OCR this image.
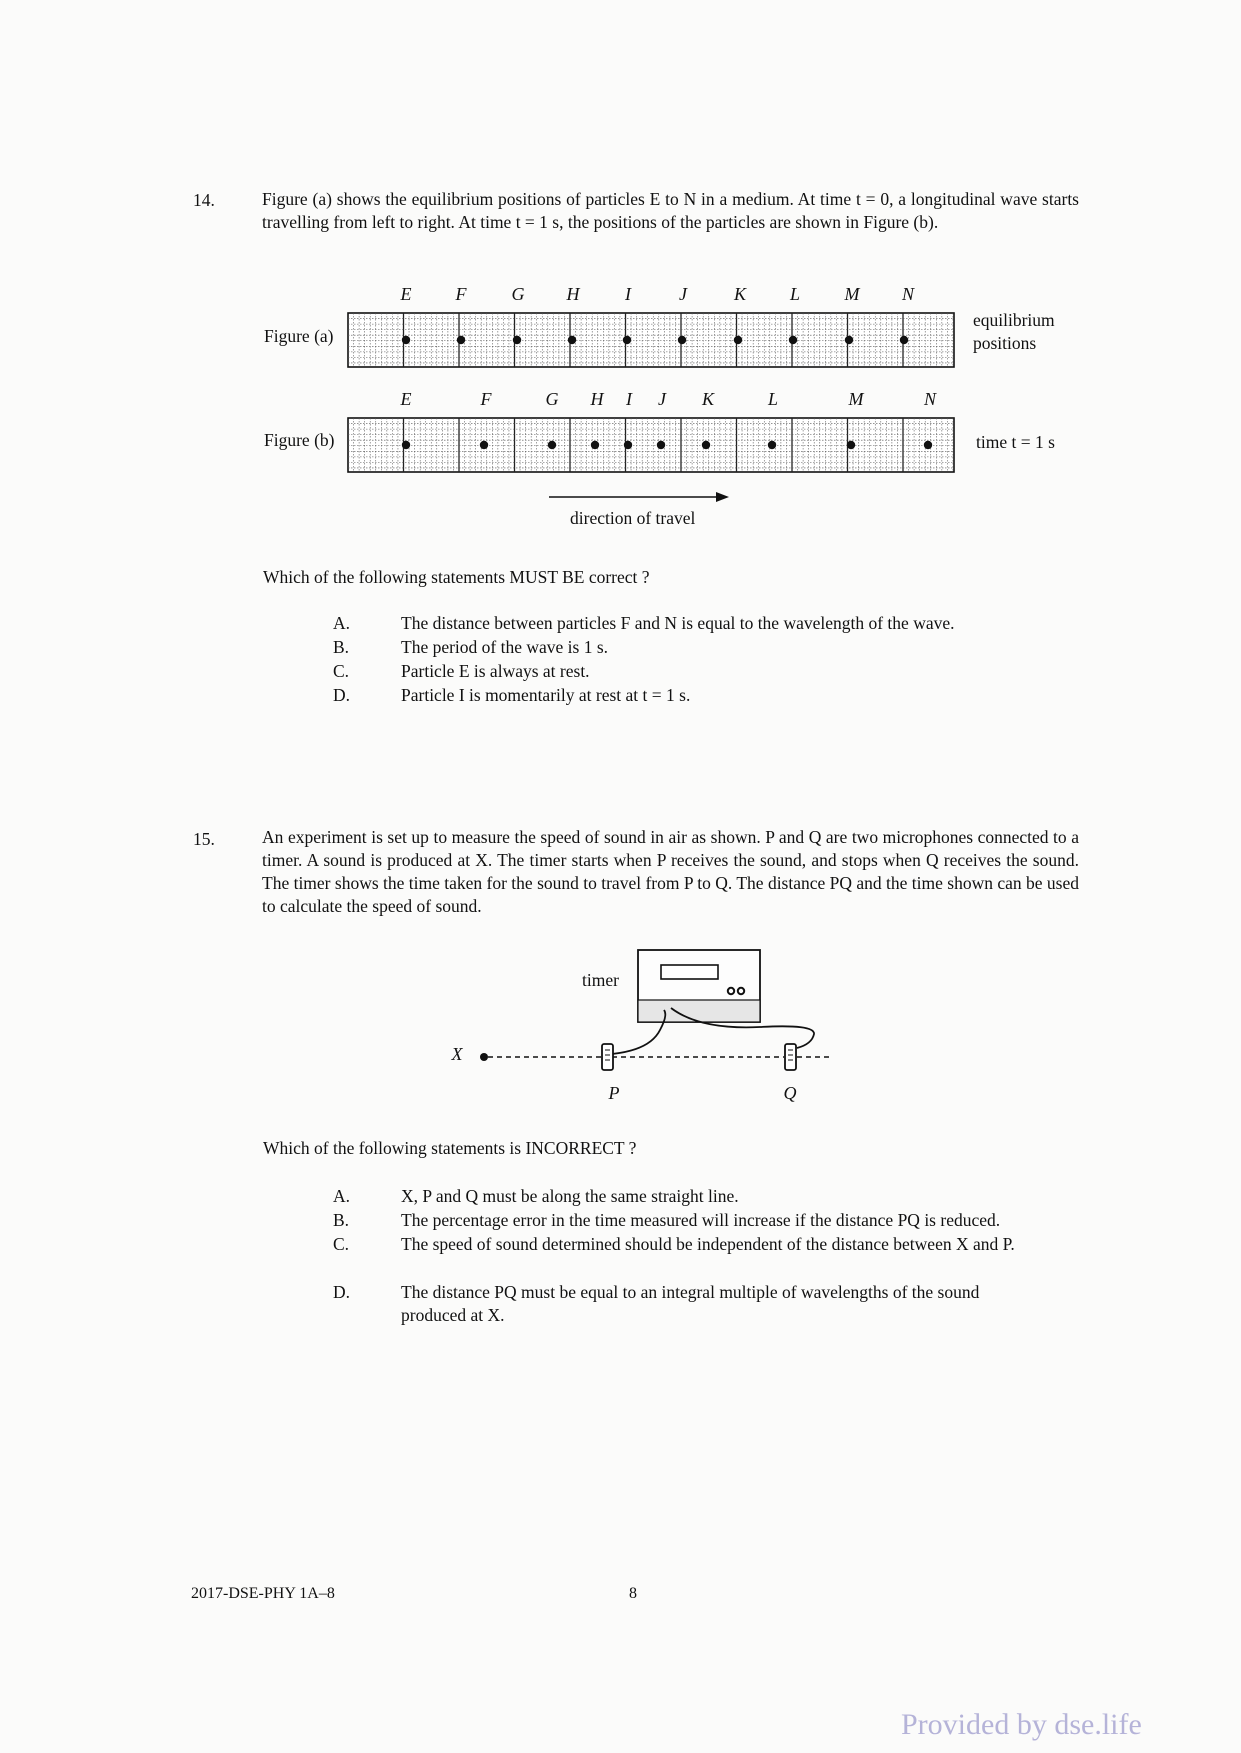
14.	Figure (a) shows the equilibrium positions of particles E to N in a medium. At time t = 0, a longitudinal wave starts travelling from left to right. At time t = 1 s, the positions of the particles are shown in Figure (b).
Figure (a)
Figure (b)
equilibrium
positions
time t = 1 s
direction of travel
E F	G H	I	J	K L M N
E	F	G H I J K	L	M	N
Which of the following statements MUST BE correct ?
A.	The distance between particles F and N is equal to the wavelength of the wave.
B.	The period of the wave is 1 s.
C.	Particle E is always at rest.
D.	Particle I is momentarily at rest at t = 1 s.
15.	An experiment is set up to measure the speed of sound in air as shown. P and Q are two microphones connected to a timer. A sound is produced at X. The timer starts when P receives the sound, and stops when Q receives the sound. The timer shows the time taken for the sound to travel from P to Q. The distance PQ and the time shown can be used to calculate the speed of sound.
timer
X
P	Q
Which of the following statements is INCORRECT ?
A.	X, P and Q must be along the same straight line.
B.	The percentage error in the time measured will increase if the distance PQ is reduced.
C.	The speed of sound determined should be independent of the distance between X and P.
D.	The distance PQ must be equal to an integral multiple of wavelengths of the sound produced at X.
2017-DSE-PHY 1A–8	8
Provided by dse.life
